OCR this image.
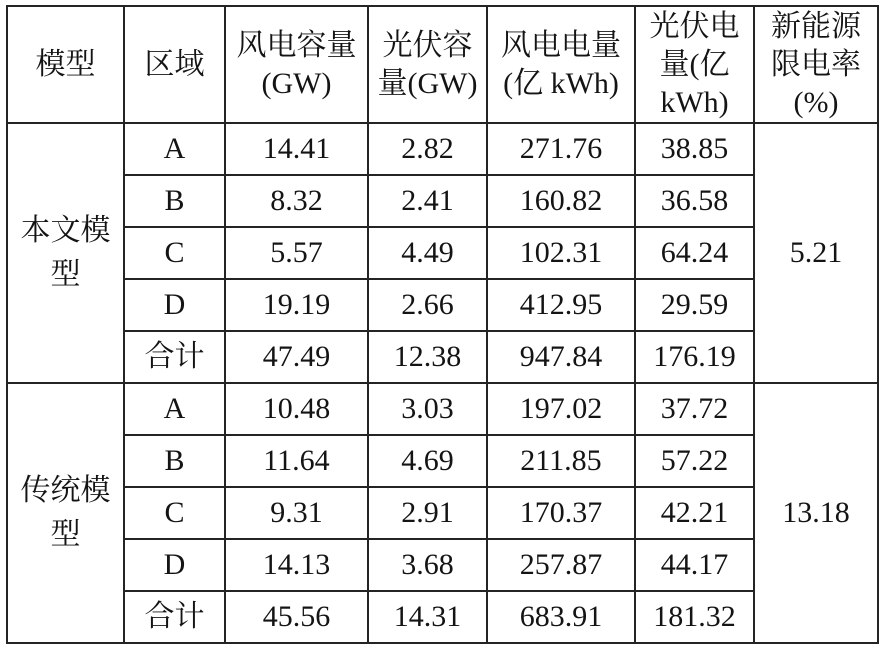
模型	区域	风电容量(GW)	光伏容量(GW)	风电电量(亿 kWh)	光伏电量(亿 kWh)	新能源限电率(%)
本文模型	A	14.41	2.82	271.76	38.85	5.21
	B	8.32	2.41	160.82	36.58	
	C	5.57	4.49	102.31	64.24	
	D	19.19	2.66	412.95	29.59	
	合计	47.49	12.38	947.84	176.19	
传统模型	A	10.48	3.03	197.02	37.72	13.18
	B	11.64	4.69	211.85	57.22	
	C	9.31	2.91	170.37	42.21	
	D	14.13	3.68	257.87	44.17	
	合计	45.56	14.31	683.91	181.32	
